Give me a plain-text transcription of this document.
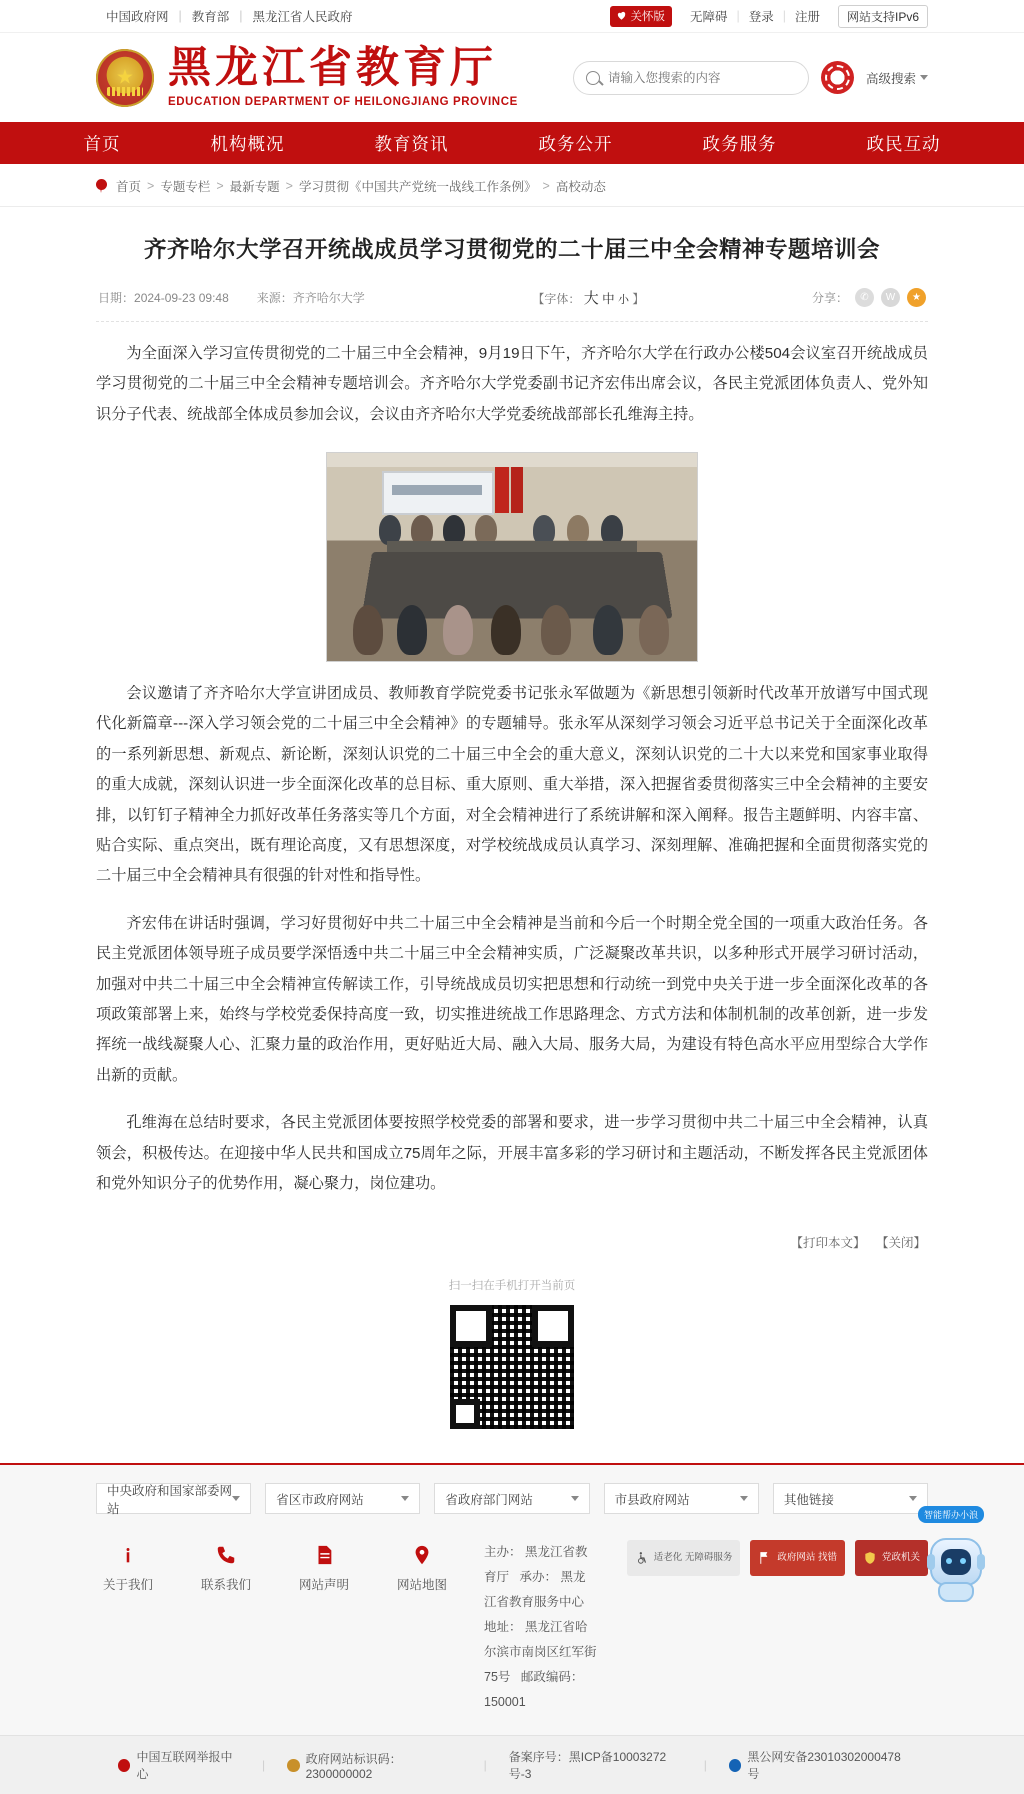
中国政府网 | 教育部 | 黑龙江省人民政府	关怀版	无障碍 | 登录 | 注册	网站支持IPv6
★
黑龙江省教育厅
EDUCATION DEPARTMENT OF HEILONGJIANG PROVINCE
请输入您搜索的内容
高级搜索
首页	机构概况	教育资讯	政务公开	政务服务	政民互动
首页 > 专题专栏 > 最新专题 > 学习贯彻《中国共产党统一战线工作条例》 > 高校动态
齐齐哈尔大学召开统战成员学习贯彻党的二十届三中全会精神专题培训会
日期：2024-09-23 09:48 来源：齐齐哈尔大学	【字体： 大 中 小 】	分享：	✆	W	★

为全面深入学习宣传贯彻党的二十届三中全会精神，9月19日下午，齐齐哈尔大学在行政办公楼504会议室召开统战成员学习贯彻党的二十届三中全会精神专题培训会。齐齐哈尔大学党委副书记齐宏伟出席会议，各民主党派团体负责人、党外知识分子代表、统战部全体成员参加会议，会议由齐齐哈尔大学党委统战部部长孔维海主持。

会议邀请了齐齐哈尔大学宣讲团成员、教师教育学院党委书记张永军做题为《新思想引领新时代改革开放谱写中国式现代化新篇章---深入学习领会党的二十届三中全会精神》的专题辅导。张永军从深刻学习领会习近平总书记关于全面深化改革的一系列新思想、新观点、新论断，深刻认识党的二十届三中全会的重大意义，深刻认识党的二十大以来党和国家事业取得的重大成就，深刻认识进一步全面深化改革的总目标、重大原则、重大举措，深入把握省委贯彻落实三中全会精神的主要安排，以钉钉子精神全力抓好改革任务落实等几个方面，对全会精神进行了系统讲解和深入阐释。报告主题鲜明、内容丰富、贴合实际、重点突出，既有理论高度，又有思想深度，对学校统战成员认真学习、深刻理解、准确把握和全面贯彻落实党的二十届三中全会精神具有很强的针对性和指导性。

齐宏伟在讲话时强调，学习好贯彻好中共二十届三中全会精神是当前和今后一个时期全党全国的一项重大政治任务。各民主党派团体领导班子成员要学深悟透中共二十届三中全会精神实质，广泛凝聚改革共识，以多种形式开展学习研讨活动，加强对中共二十届三中全会精神宣传解读工作，引导统战成员切实把思想和行动统一到党中央关于进一步全面深化改革的各项政策部署上来，始终与学校党委保持高度一致，切实推进统战工作思路理念、方式方法和体制机制的改革创新，进一步发挥统一战线凝聚人心、汇聚力量的政治作用，更好贴近大局、融入大局、服务大局，为建设有特色高水平应用型综合大学作出新的贡献。

孔维海在总结时要求，各民主党派团体要按照学校党委的部署和要求，进一步学习贯彻中共二十届三中全会精神，认真领会，积极传达。在迎接中华人民共和国成立75周年之际，开展丰富多彩的学习研讨和主题活动，不断发挥各民主党派团体和党外知识分子的优势作用，凝心聚力，岗位建功。

【打印本文】 【关闭】
扫一扫在手机打开当前页
中央政府和国家部委网站
省区市政府网站	省政府部门网站	市县政府网站	其他链接
关于我们	联系我们	网站声明	网站地图
主办： 黑龙江省教育厅 承办： 黑龙江省教育服务中心
地址： 黑龙江省哈尔滨市南岗区红军街75号 邮政编码： 150001
适老化 无障碍服务	政府网站 找错	党政机关
中国互联网举报中心
|	政府网站标识码：2300000002
|
备案序号：黑ICP备10003272号-3
|
黑公网安备23010302000478号
智能帮办小浪
